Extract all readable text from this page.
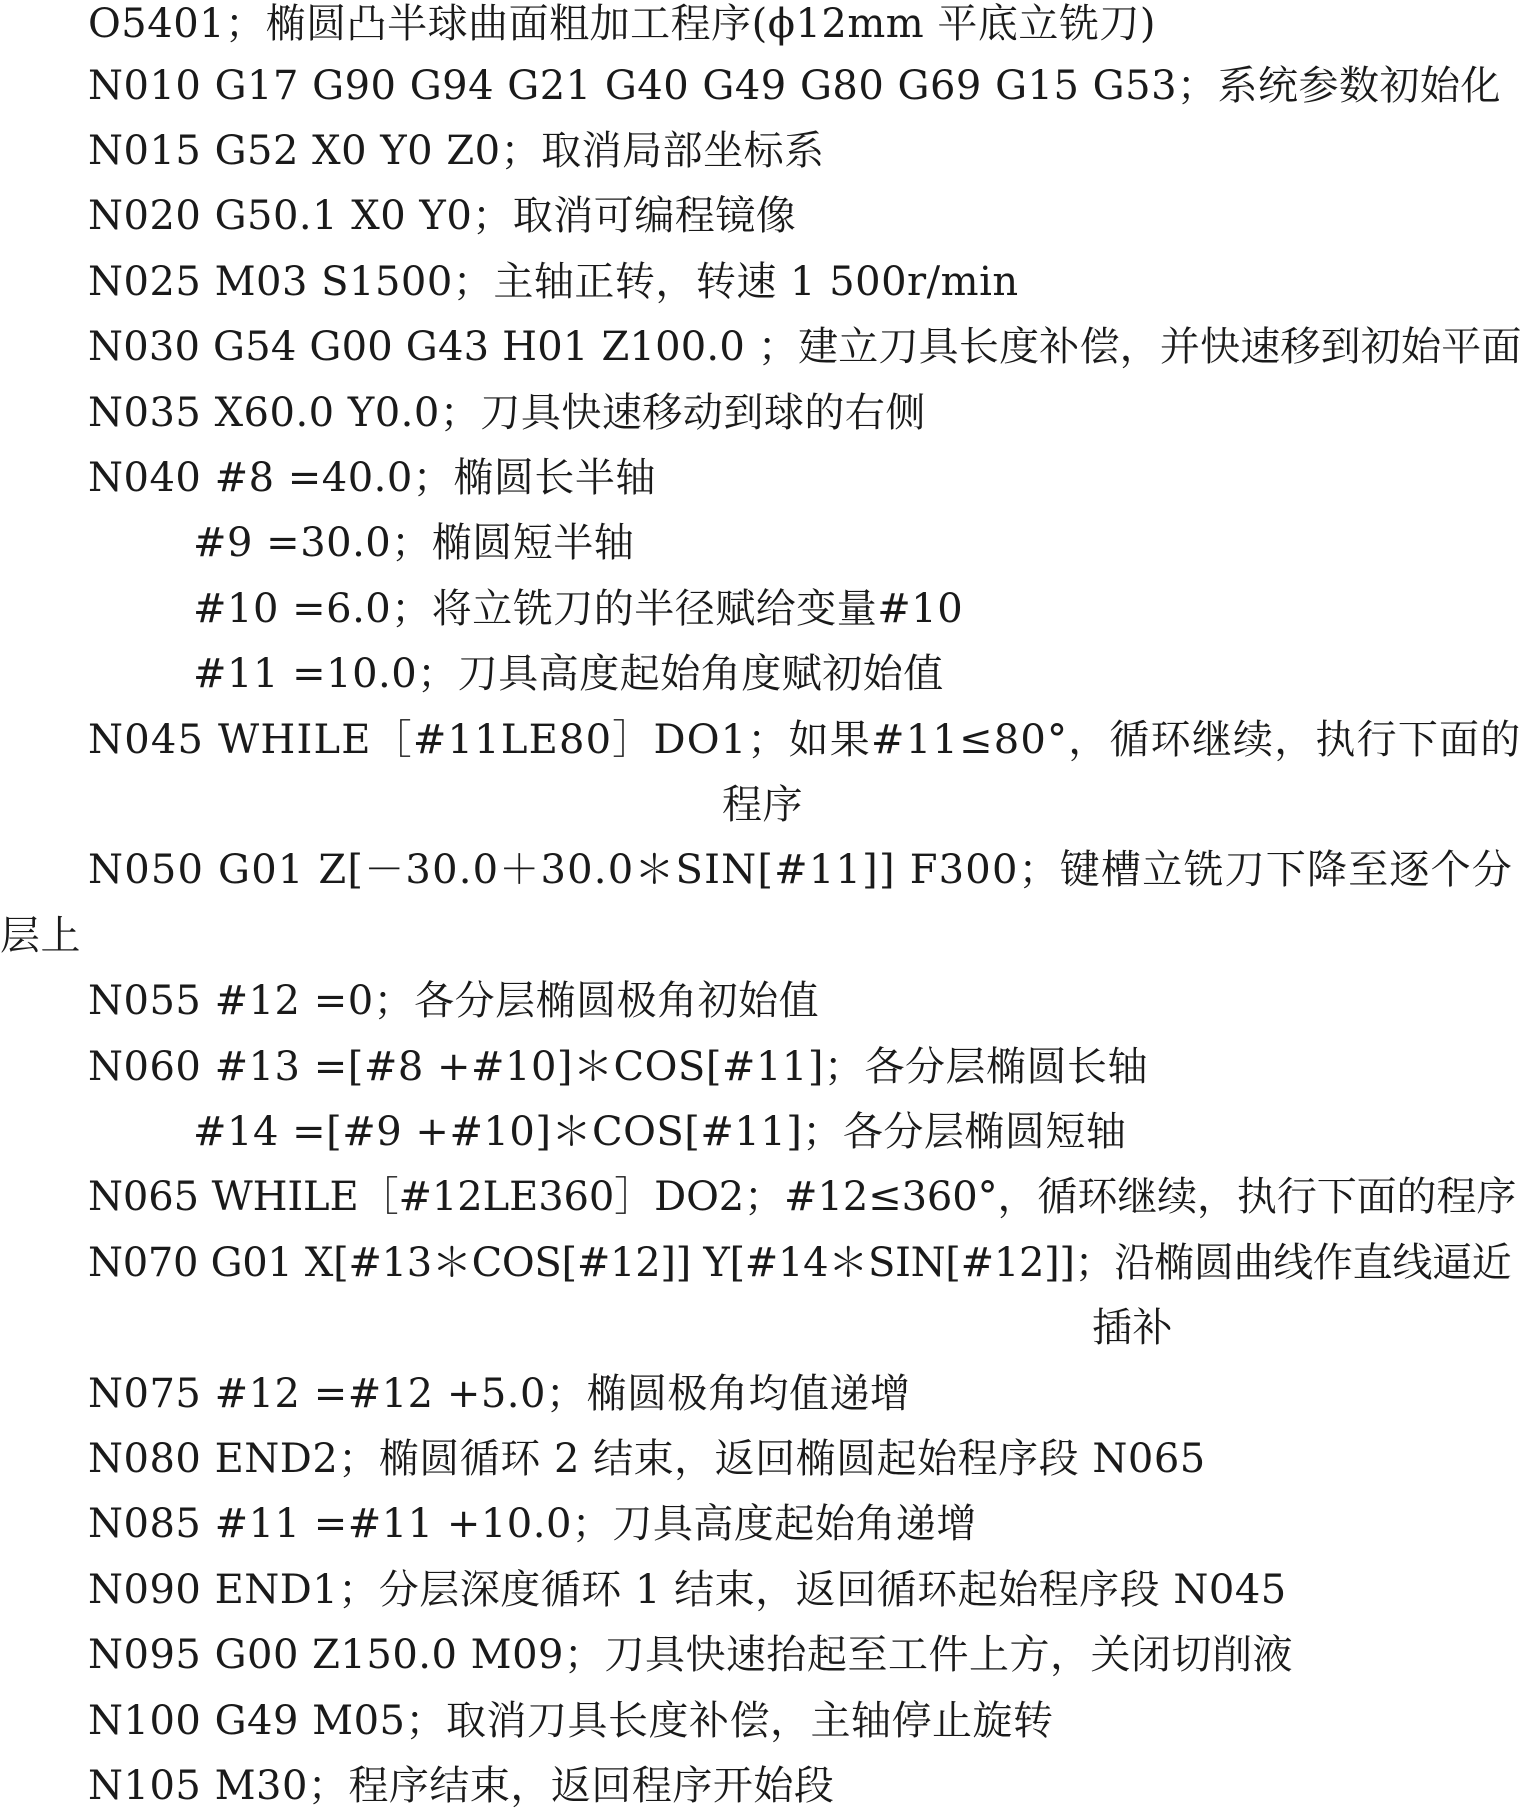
O5401；椭圆凸半球曲面粗加工程序(ϕ12mm 平底立铣刀)
N010 G17 G90 G94 G21 G40 G49 G80 G69 G15 G53；系统参数初始化
N015 G52 X0 Y0 Z0；取消局部坐标系
N020 G50.1 X0 Y0；取消可编程镜像
N025 M03 S1500；主轴正转，转速 1 500r/min
N030 G54 G00 G43 H01 Z100.0 ；建立刀具长度补偿，并快速移到初始平面
N035 X60.0 Y0.0；刀具快速移动到球的右侧
N040 #8 =40.0；椭圆长半轴
#9 =30.0；椭圆短半轴
#10 =6.0；将立铣刀的半径赋给变量#10
#11 =10.0；刀具高度起始角度赋初始值
N045 WHILE［#11LE80］DO1；如果#11≤80°，循环继续，执行下面的
程序
N050 G01 Z[－30.0＋30.0＊SIN[#11]] F300；键槽立铣刀下降至逐个分
层上
N055 #12 =0；各分层椭圆极角初始值
N060 #13 =[#8 +#10]＊COS[#11]；各分层椭圆长轴
#14 =[#9 +#10]＊COS[#11]；各分层椭圆短轴
N065 WHILE［#12LE360］DO2；#12≤360°，循环继续，执行下面的程序
N070 G01 X[#13＊COS[#12]] Y[#14＊SIN[#12]]；沿椭圆曲线作直线逼近
插补
N075 #12 =#12 +5.0；椭圆极角均值递增
N080 END2；椭圆循环 2 结束，返回椭圆起始程序段 N065
N085 #11 =#11 +10.0；刀具高度起始角递增
N090 END1；分层深度循环 1 结束，返回循环起始程序段 N045
N095 G00 Z150.0 M09；刀具快速抬起至工件上方，关闭切削液
N100 G49 M05；取消刀具长度补偿，主轴停止旋转
N105 M30；程序结束，返回程序开始段
